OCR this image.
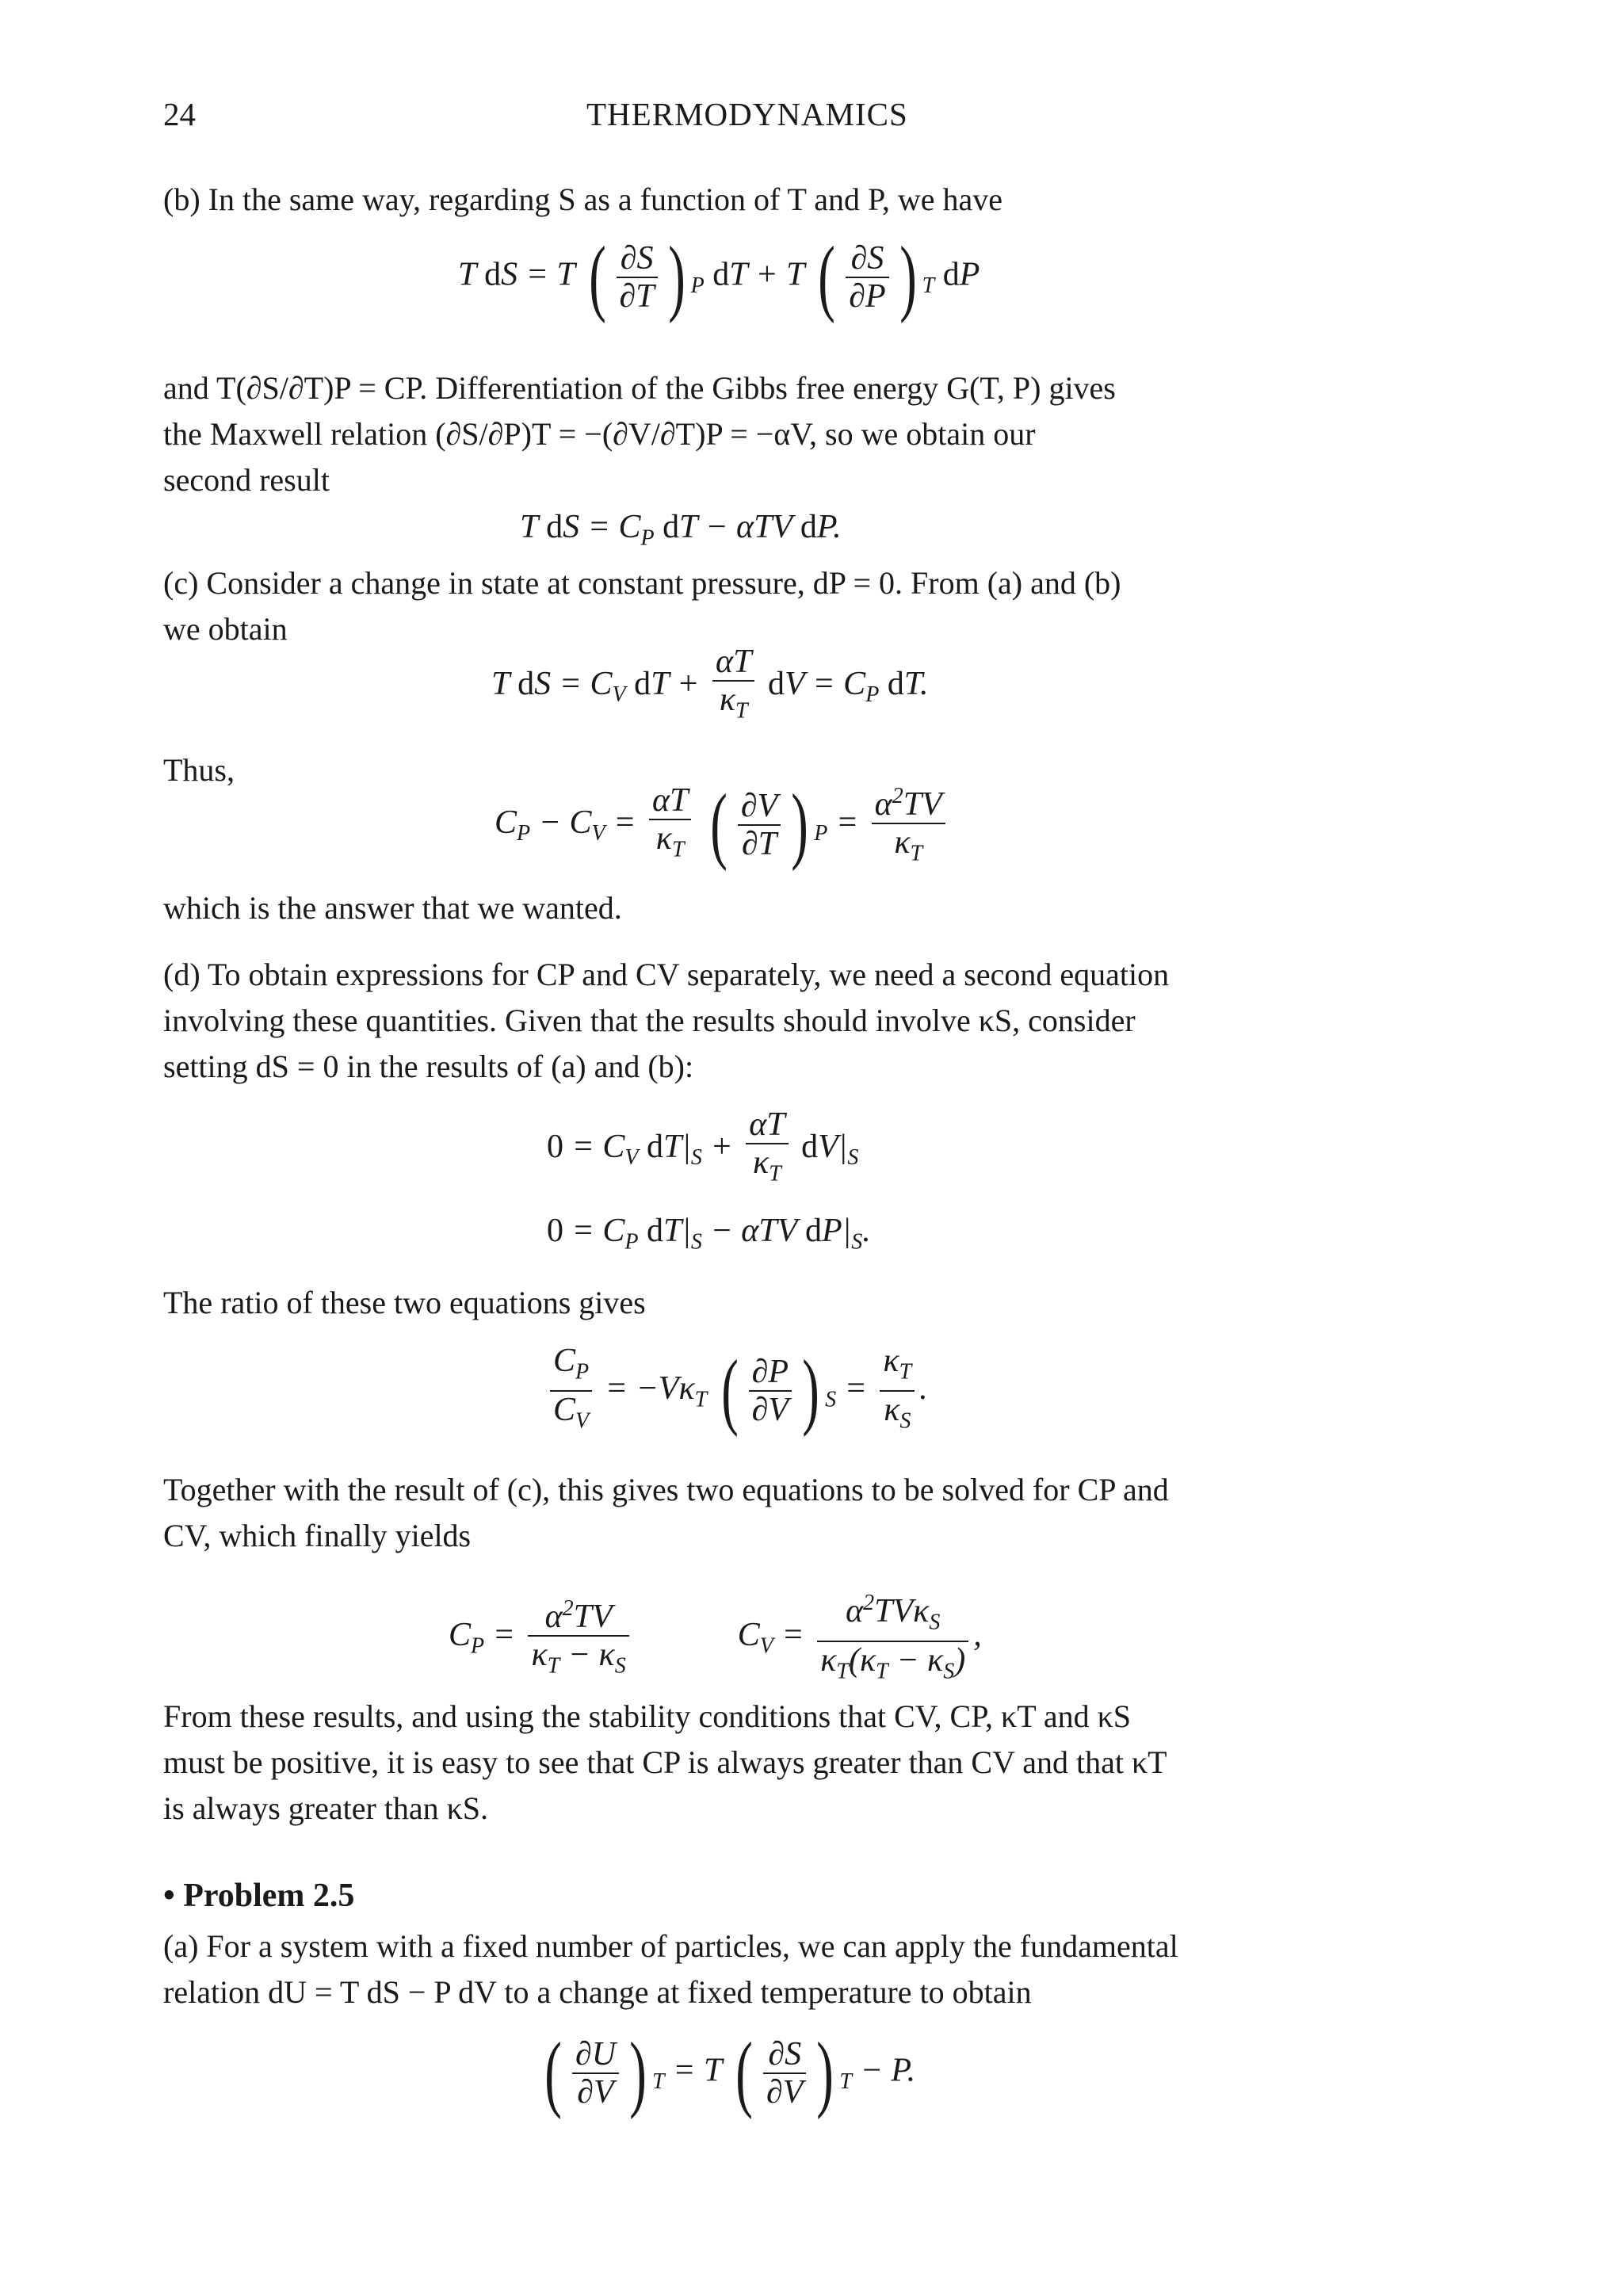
24	THERMODYNAMICS
(b) In the same way, regarding S as a function of T and P, we have
T dS = T ( $\frac{\partial S}{\partial T}$ ) $_P$ dT + T ( $\frac{\partial S}{\partial P}$ ) $_T$ dP
and T(∂S/∂T)P = CP. Differentiation of the Gibbs free energy G(T, P) gives
the Maxwell relation (∂S/∂P)T = −(∂V/∂T)P = −αV, so we obtain our
second result
T dS = $C_P$ dT − αTV dP.
(c) Consider a change in state at constant pressure, dP = 0. From (a) and (b)
we obtain
T dS = $C_V$ dT + $\frac{\alpha T}{\kappa_T}$ dV = $C_P$ dT.
Thus,
$C_P - C_V = \frac{\alpha T}{\kappa_T}$ ( $\frac{\partial V}{\partial T}$ ) $_P = \frac{\alpha^2TV}{\kappa_T}$
which is the answer that we wanted.
(d) To obtain expressions for CP and CV separately, we need a second equation
involving these quantities. Given that the results should involve κS, consider
setting dS = 0 in the results of (a) and (b):
$0 = C_V$ $dT|_S + \frac{\alpha T}{\kappa_T} dV|_S$
$0 = C_P$ $dT|_S - \alpha TV$ $dP|_S$.
The ratio of these two equations gives
$\frac{C_P}{C_V} = -V\kappa_T$ ( $\frac{\partial P}{\partial V}$ ) $_S = \frac{\kappa_T}{\kappa_S}$ .
Together with the result of (c), this gives two equations to be solved for CP and
CV, which finally yields
$C_P = \frac{\alpha^2TV}{\kappa_T - \kappa_S}$	$C_V = \frac{\alpha^2TV\kappa_S}{\kappa_T(\kappa_T - \kappa_S)}$ ,
From these results, and using the stability conditions that CV, CP, κT and κS
must be positive, it is easy to see that CP is always greater than CV and that κT
is always greater than κS.
• Problem 2.5
(a) For a system with a fixed number of particles, we can apply the fundamental
relation dU = T dS − P dV to a change at fixed temperature to obtain
( $\frac{\partial U}{\partial V}$ ) $_T$ = T ( $\frac{\partial S}{\partial V}$ ) $_T$ − P.
